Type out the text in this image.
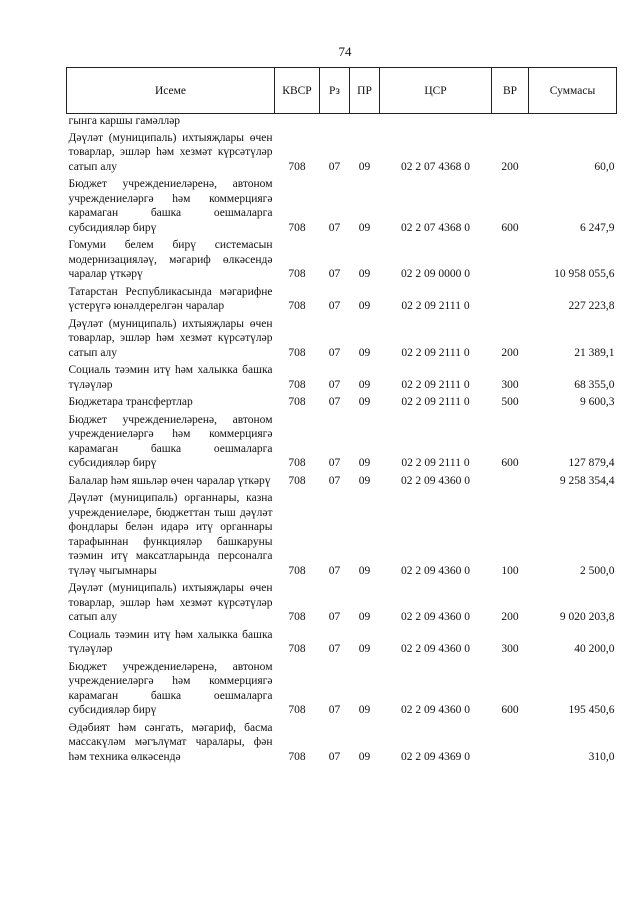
74
Исеме	КВСР	Рз	ПР	ЦСР	ВР	Суммасы
гынга каршы гамәлләр						
Дәүләт (муниципаль) ихтыяҗлары өчен товарлар, эшләр һәм хезмәт күрсәтүләр сатып алу	708	07	09	02 2 07 4368 0	200	60,0
Бюджет учреждениеләренә, автоном учреждениеләргә һәм коммерциягә карамаган башка оешмаларга субсидияләр бирү	708	07	09	02 2 07 4368 0	600	6 247,9
Гомуми белем бирү системасын модернизацияләү, мәгариф өлкәсендә чаралар үткәрү	708	07	09	02 2 09 0000 0		10 958 055,6
Татарстан Республикасында мәгарифне үстерүгә юнәлдерелгән чаралар	708	07	09	02 2 09 2111 0		227 223,8
Дәүләт (муниципаль) ихтыяҗлары өчен товарлар, эшләр һәм хезмәт күрсәтүләр сатып алу	708	07	09	02 2 09 2111 0	200	21 389,1
Социаль тәэмин итү һәм халыкка башка түләүләр	708	07	09	02 2 09 2111 0	300	68 355,0
Бюджетара трансфертлар	708	07	09	02 2 09 2111 0	500	9 600,3
Бюджет учреждениеләренә, автоном учреждениеләргә һәм коммерциягә карамаган башка оешмаларга субсидияләр бирү	708	07	09	02 2 09 2111 0	600	127 879,4
Балалар һәм яшьләр өчен чаралар үткәрү	708	07	09	02 2 09 4360 0		9 258 354,4
Дәүләт (муниципаль) органнары, казна учреждениеләре, бюджеттан тыш дәүләт фондлары белән идарә итү органнары тарафыннан функцияләр башкаруны тәэмин итү максатларында персоналга түләү чыгымнары	708	07	09	02 2 09 4360 0	100	2 500,0
Дәүләт (муниципаль) ихтыяҗлары өчен товарлар, эшләр һәм хезмәт күрсәтүләр сатып алу	708	07	09	02 2 09 4360 0	200	9 020 203,8
Социаль тәэмин итү һәм халыкка башка түләүләр	708	07	09	02 2 09 4360 0	300	40 200,0
Бюджет учреждениеләренә, автоном учреждениеләргә һәм коммерциягә карамаган башка оешмаларга субсидияләр бирү	708	07	09	02 2 09 4360 0	600	195 450,6
Әдәбият һәм сәнгать, мәгариф, басма массакүләм мәгълүмат чаралары, фән һәм техника өлкәсендә	708	07	09	02 2 09 4369 0		310,0
